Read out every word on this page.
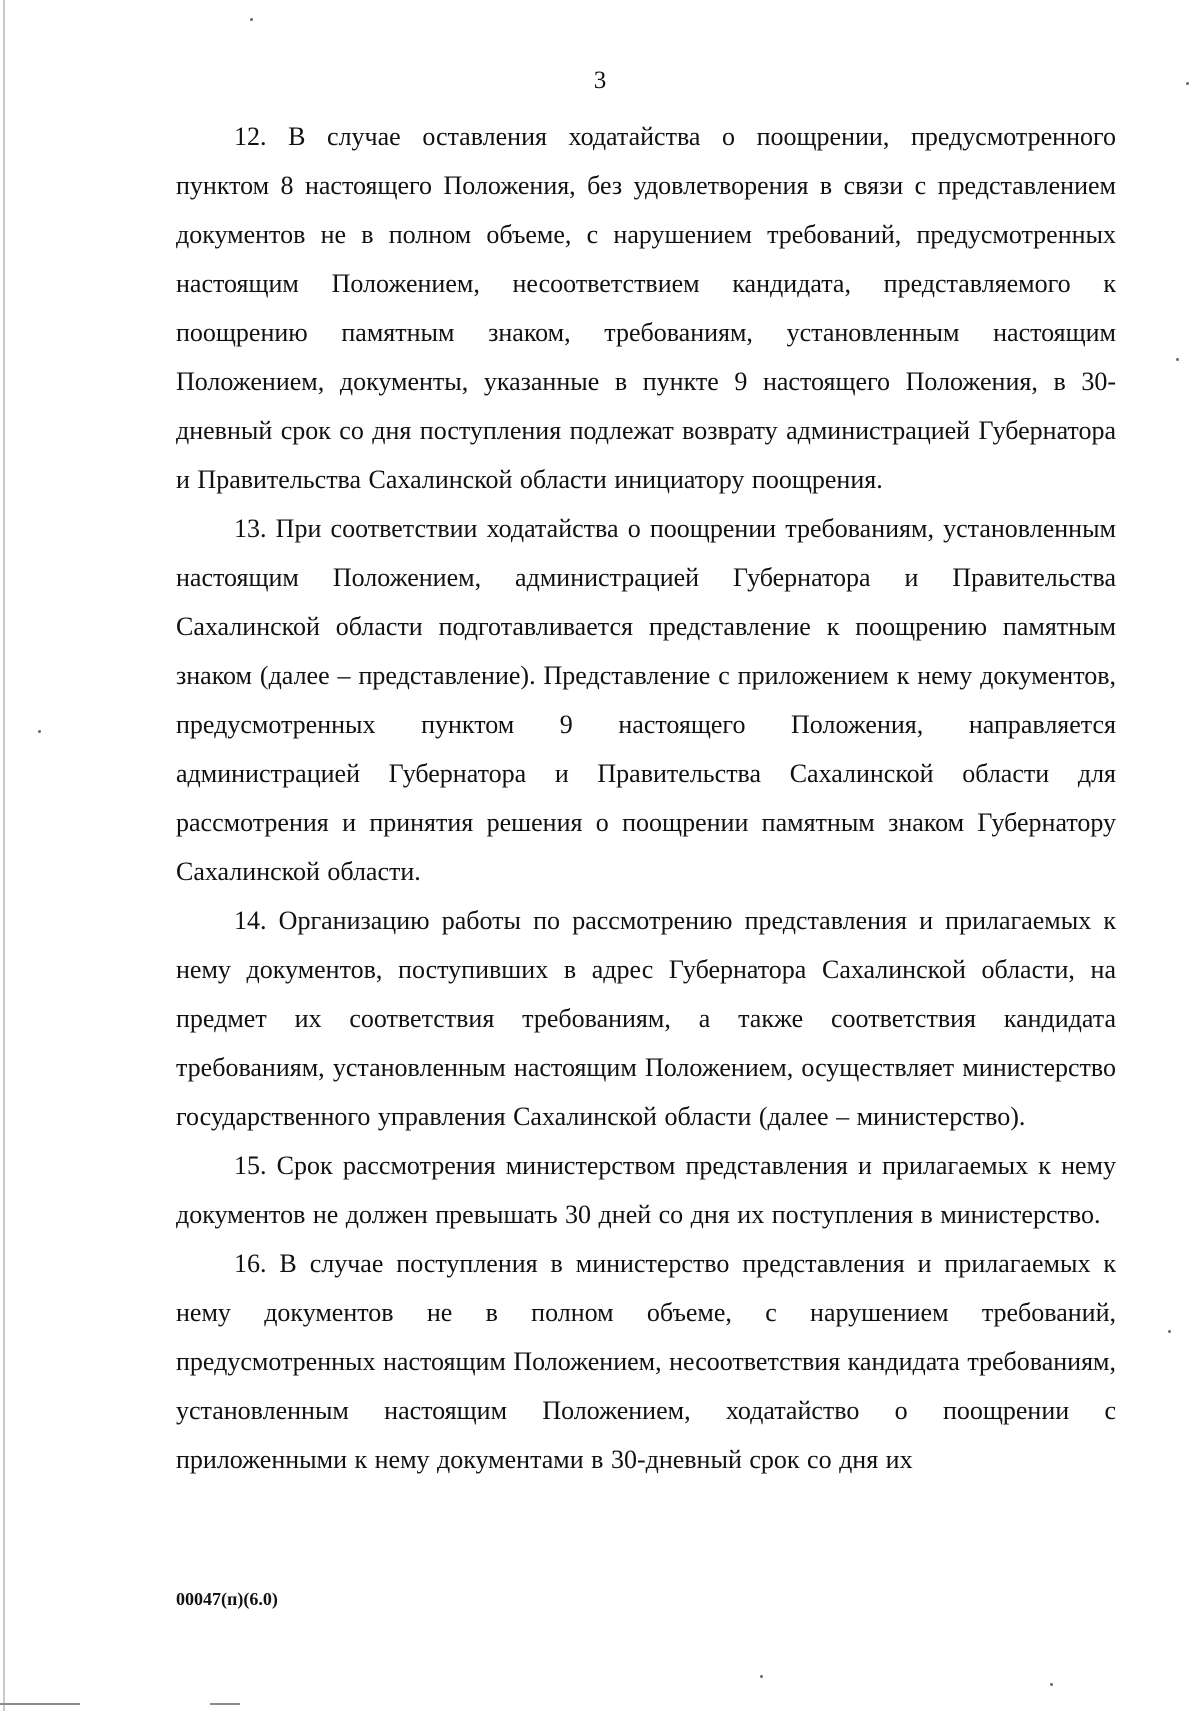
3

12. В случае оставления ходатайства о поощрении, предусмотренного пунктом 8 настоящего Положения, без удовлетворения в связи с представлением документов не в полном объеме, с нарушением требований, предусмотренных настоящим Положением, несоответствием кандидата, представляемого к поощрению памятным знаком, требованиям, установленным настоящим Положением, документы, указанные в пункте 9 настоящего Положения, в 30-дневный срок со дня поступления подлежат возврату администрацией Губернатора и Правительства Сахалинской области инициатору поощрения.

13. При соответствии ходатайства о поощрении требованиям, установленным настоящим Положением, администрацией Губернатора и Правительства Сахалинской области подготавливается представление к поощрению памятным знаком (далее – представление). Представление с приложением к нему документов, предусмотренных пунктом 9 настоящего Положения, направляется администрацией Губернатора и Правительства Сахалинской области для рассмотрения и принятия решения о поощрении памятным знаком Губернатору Сахалинской области.

14. Организацию работы по рассмотрению представления и прилагаемых к нему документов, поступивших в адрес Губернатора Сахалинской области, на предмет их соответствия требованиям, а также соответствия кандидата требованиям, установленным настоящим Положением, осуществляет министерство государственного управления Сахалинской области (далее – министерство).

15. Срок рассмотрения министерством представления и прилагаемых к нему документов не должен превышать 30 дней со дня их поступления в министерство.

16. В случае поступления в министерство представления и прилагаемых к нему документов не в полном объеме, с нарушением требований, предусмотренных настоящим Положением, несоответствия кандидата требованиям, установленным настоящим Положением, ходатайство о поощрении с приложенными к нему документами в 30-дневный срок со дня их

00047(п)(6.0)
